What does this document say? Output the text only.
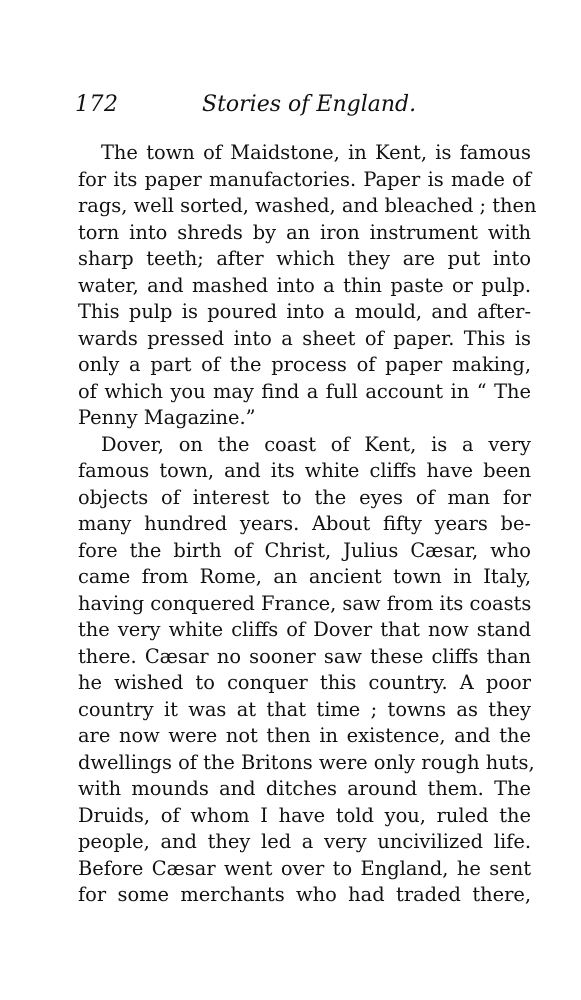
172	Stories of England.
The town of Maidstone, in Kent, is famous
for its paper manufactories. Paper is made of
rags, well sorted, washed, and bleached ; then
torn into shreds by an iron instrument with
sharp teeth; after which they are put into
water, and mashed into a thin paste or pulp.
This pulp is poured into a mould, and after-
wards pressed into a sheet of paper. This is
only a part of the process of paper making,
of which you may find a full account in “ The
Penny Magazine.”
Dover, on the coast of Kent, is a very
famous town, and its white cliffs have been
objects of interest to the eyes of man for
many hundred years. About fifty years be-
fore the birth of Christ, Julius Cæsar, who
came from Rome, an ancient town in Italy,
having conquered France, saw from its coasts
the very white cliffs of Dover that now stand
there. Cæsar no sooner saw these cliffs than
he wished to conquer this country. A poor
country it was at that time ; towns as they
are now were not then in existence, and the
dwellings of the Britons were only rough huts,
with mounds and ditches around them. The
Druids, of whom I have told you, ruled the
people, and they led a very uncivilized life.
Before Cæsar went over to England, he sent
for some merchants who had traded there,
